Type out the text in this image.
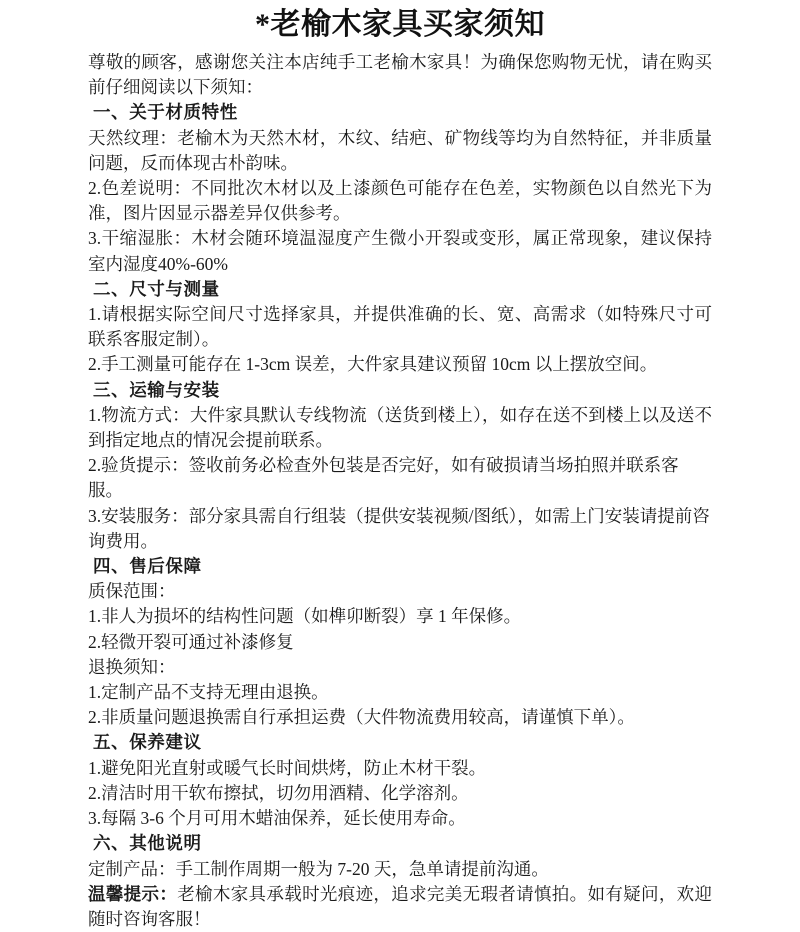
*老榆木家具买家须知

尊敬的顾客，感谢您关注本店纯手工老榆木家具！为确保您购物无忧，请在购买前仔细阅读以下须知：

一、关于材质特性

天然纹理：老榆木为天然木材，木纹、结疤、矿物线等均为自然特征，并非质量问题，反而体现古朴韵味。

2.色差说明：不同批次木材以及上漆颜色可能存在色差，实物颜色以自然光下为准，图片因显示器差异仅供参考。

3.干缩湿胀：木材会随环境温湿度产生微小开裂或变形，属正常现象，建议保持室内湿度40%-60%

二、尺寸与测量

1.请根据实际空间尺寸选择家具，并提供准确的长、宽、高需求（如特殊尺寸可联系客服定制）。

2.手工测量可能存在 1-3cm 误差，大件家具建议预留 10cm 以上摆放空间。

三、运输与安装

1.物流方式：大件家具默认专线物流（送货到楼上），如存在送不到楼上以及送不到指定地点的情况会提前联系。

2.验货提示：签收前务必检查外包装是否完好，如有破损请当场拍照并联系客服。

3.安装服务：部分家具需自行组装（提供安装视频/图纸），如需上门安装请提前咨询费用。

四、售后保障

质保范围：

1.非人为损坏的结构性问题（如榫卯断裂）享 1 年保修。

2.轻微开裂可通过补漆修复

退换须知：

1.定制产品不支持无理由退换。

2.非质量问题退换需自行承担运费（大件物流费用较高，请谨慎下单）。

五、保养建议

1.避免阳光直射或暖气长时间烘烤，防止木材干裂。

2.清洁时用干软布擦拭，切勿用酒精、化学溶剂。

3.每隔 3-6 个月可用木蜡油保养，延长使用寿命。

六、其他说明

定制产品：手工制作周期一般为 7-20 天，急单请提前沟通。

温馨提示：老榆木家具承载时光痕迹，追求完美无瑕者请慎拍。如有疑问，欢迎随时咨询客服！
